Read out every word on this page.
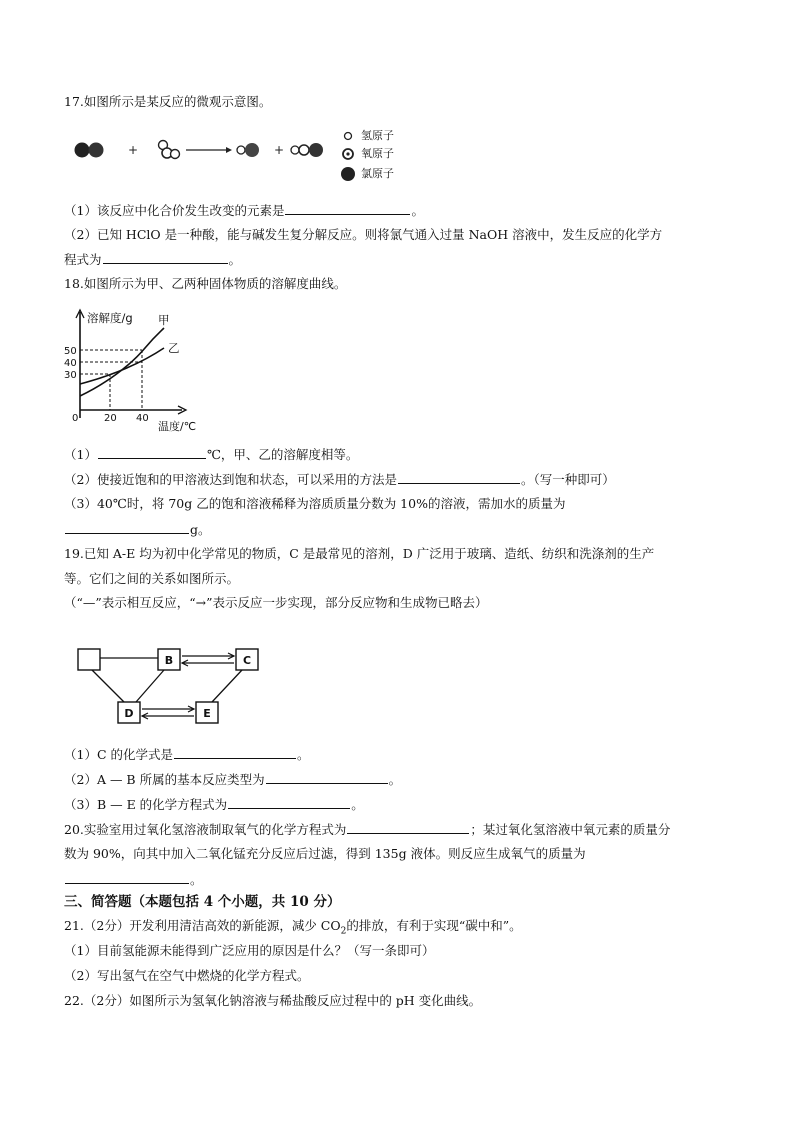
17.如图所示是某反应的微观示意图。
+	+
氢原子
氧原子
氯原子
（1）该反应中化合价发生改变的元素是	。
（2）已知 HClO 是一种酸，能与碱发生复分解反应。则将氯气通入过量 NaOH 溶液中，发生反应的化学方
程式为	。
18.如图所示为甲、乙两种固体物质的溶解度曲线。
溶解度/g 甲
乙
50
40
30
0	20 40
温度/℃
（1）	℃，甲、乙的溶解度相等。
（2）使接近饱和的甲溶液达到饱和状态，可以采用的方法是	。（写一种即可）
（3）40℃时，将 70g 乙的饱和溶液稀释为溶质质量分数为 10%的溶液，需加水的质量为
g。
19.已知 A-E 均为初中化学常见的物质，C 是最常见的溶剂，D 广泛用于玻璃、造纸、纺织和洗涤剂的生产
等。它们之间的关系如图所示。
（“—”表示相互反应，“→”表示反应一步实现，部分反应物和生成物已略去）
B	C
D	E
（1）C 的化学式是	。
（2）A — B 所属的基本反应类型为	。
（3）B — E 的化学方程式为	。
20.实验室用过氧化氢溶液制取氧气的化学方程式为	；某过氧化氢溶液中氧元素的质量分
数为 90%，向其中加入二氧化锰充分反应后过滤，得到 135g 液体。则反应生成氧气的质量为
。
三、简答题（本题包括 4 个小题，共 10 分）
21.（2分）开发利用清洁高效的新能源，减少 $CO_2$的排放，有利于实现“碳中和”。
（1）目前氢能源未能得到广泛应用的原因是什么？（写一条即可）
（2）写出氢气在空气中燃烧的化学方程式。
22.（2分）如图所示为氢氧化钠溶液与稀盐酸反应过程中的 pH 变化曲线。
